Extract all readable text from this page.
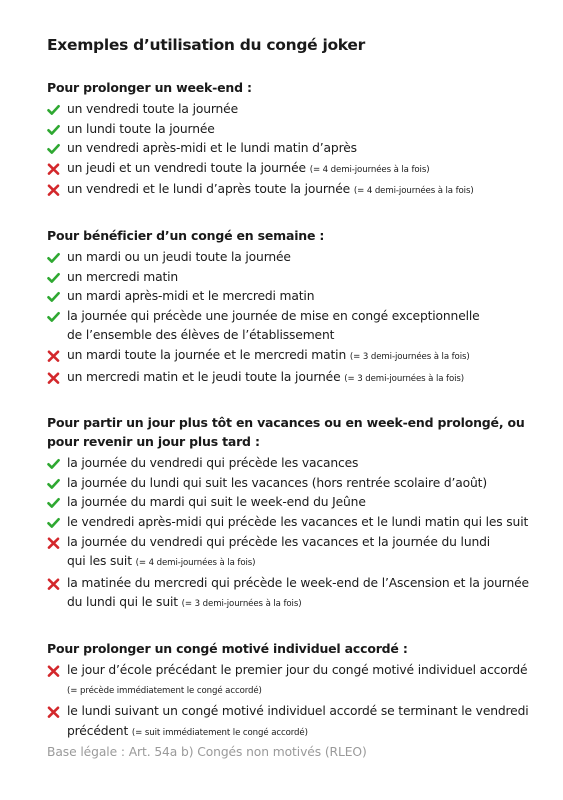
Exemples d’utilisation du congé joker
Pour prolonger un week-end :
un vendredi toute la journée
un lundi toute la journée
un vendredi après-midi et le lundi matin d’après
un jeudi et un vendredi toute la journée (= 4 demi-journées à la fois)
un vendredi et le lundi d’après toute la journée (= 4 demi-journées à la fois)
Pour bénéficier d’un congé en semaine :
un mardi ou un jeudi toute la journée
un mercredi matin
un mardi après-midi et le mercredi matin
la journée qui précède une journée de mise en congé exceptionnelle
de l’ensemble des élèves de l’établissement
un mardi toute la journée et le mercredi matin (= 3 demi-journées à la fois)
un mercredi matin et le jeudi toute la journée (= 3 demi-journées à la fois)
Pour partir un jour plus tôt en vacances ou en week-end prolongé, ou pour revenir un jour plus tard :
la journée du vendredi qui précède les vacances
la journée du lundi qui suit les vacances (hors rentrée scolaire d’août)
la journée du mardi qui suit le week-end du Jeûne
le vendredi après-midi qui précède les vacances et le lundi matin qui les suit
la journée du vendredi qui précède les vacances et la journée du lundi
qui les suit (= 4 demi-journées à la fois)
la matinée du mercredi qui précède le week-end de l’Ascension et la journée
du lundi qui le suit (= 3 demi-journées à la fois)
Pour prolonger un congé motivé individuel accordé :
le jour d’école précédant le premier jour du congé motivé individuel accordé
(= précède immédiatement le congé accordé)
le lundi suivant un congé motivé individuel accordé se terminant le vendredi
précédent (= suit immédiatement le congé accordé)
Base légale : Art. 54a b) Congés non motivés (RLEO)
